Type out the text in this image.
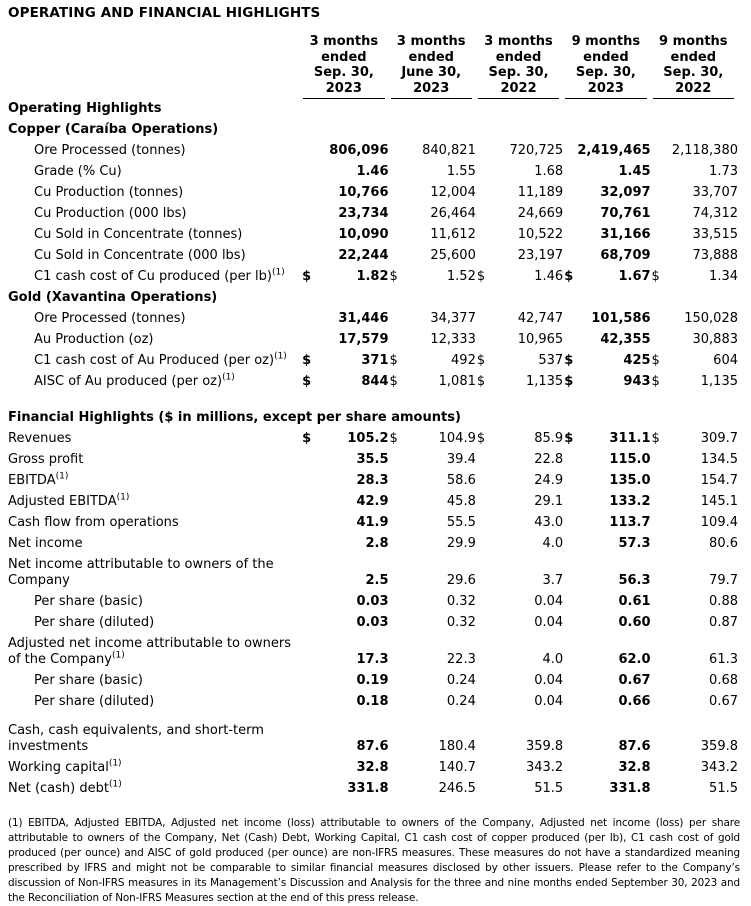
OPERATING AND FINANCIAL HIGHLIGHTS

	3 months
ended
Sep. 30,
2023		3 months
ended
June 30,
2023		3 months
ended
Sep. 30,
2022		9 months
ended
Sep. 30,
2023		9 months
ended
Sep. 30,
2022	

Operating Highlights										
Copper (Caraíba Operations)										
Ore Processed (tonnes)		806,096		840,821		720,725		2,419,465		2,118,380
Grade (% Cu)		1.46		1.55		1.68		1.45		1.73
Cu Production (tonnes)		10,766		12,004		11,189		32,097		33,707
Cu Production (000 lbs)		23,734		26,464		24,669		70,761		74,312
Cu Sold in Concentrate (tonnes)		10,090		11,612		10,522		31,166		33,515
Cu Sold in Concentrate (000 lbs)		22,244		25,600		23,197		68,709		73,888
C1 cash cost of Cu produced (per lb)$^{(1)}$	$	1.82	$	1.52	$	1.46	$	1.67	$	1.34
Gold (Xavantina Operations)										
Ore Processed (tonnes)		31,446		34,377		42,747		101,586		150,028
Au Production (oz)		17,579		12,333		10,965		42,355		30,883
C1 cash cost of Au Produced (per oz)$^{(1)}$	$	371	$	492	$	537	$	425	$	604
AISC of Au produced (per oz)$^{(1)}$	$	844	$	1,081	$	1,135	$	943	$	1,135
Financial Highlights ($ in millions, except per share amounts)										
Revenues	$	105.2	$	104.9	$	85.9	$	311.1	$	309.7
Gross profit		35.5		39.4		22.8		115.0		134.5
EBITDA$^{(1)}$		28.3		58.6		24.9		135.0		154.7
Adjusted EBITDA$^{(1)}$		42.9		45.8		29.1		133.2		145.1
Cash flow from operations		41.9		55.5		43.0		113.7		109.4
Net income		2.8		29.9		4.0		57.3		80.6
Net income attributable to owners of the Company		2.5		29.6		3.7		56.3		79.7
Per share (basic)		0.03		0.32		0.04		0.61		0.88
Per share (diluted)		0.03		0.32		0.04		0.60		0.87
Adjusted net income attributable to owners of the Company$^{(1)}$		17.3		22.3		4.0		62.0		61.3
Per share (basic)		0.19		0.24		0.04		0.67		0.68
Per share (diluted)		0.18		0.24		0.04		0.66		0.67
Cash, cash equivalents, and short-term investments		87.6		180.4		359.8		87.6		359.8
Working capital$^{(1)}$		32.8		140.7		343.2		32.8		343.2
Net (cash) debt$^{(1)}$		331.8		246.5		51.5		331.8		51.5

(1) EBITDA, Adjusted EBITDA, Adjusted net income (loss) attributable to owners of the Company, Adjusted net income (loss) per share attributable to owners of the Company, Net (Cash) Debt, Working Capital, C1 cash cost of copper produced (per lb), C1 cash cost of gold produced (per ounce) and AISC of gold produced (per ounce) are non-IFRS measures. These measures do not have a standardized meaning prescribed by IFRS and might not be comparable to similar financial measures disclosed by other issuers. Please refer to the Company’s discussion of Non-IFRS measures in its Management’s Discussion and Analysis for the three and nine months ended September 30, 2023 and the Reconciliation of Non-IFRS Measures section at the end of this press release.
